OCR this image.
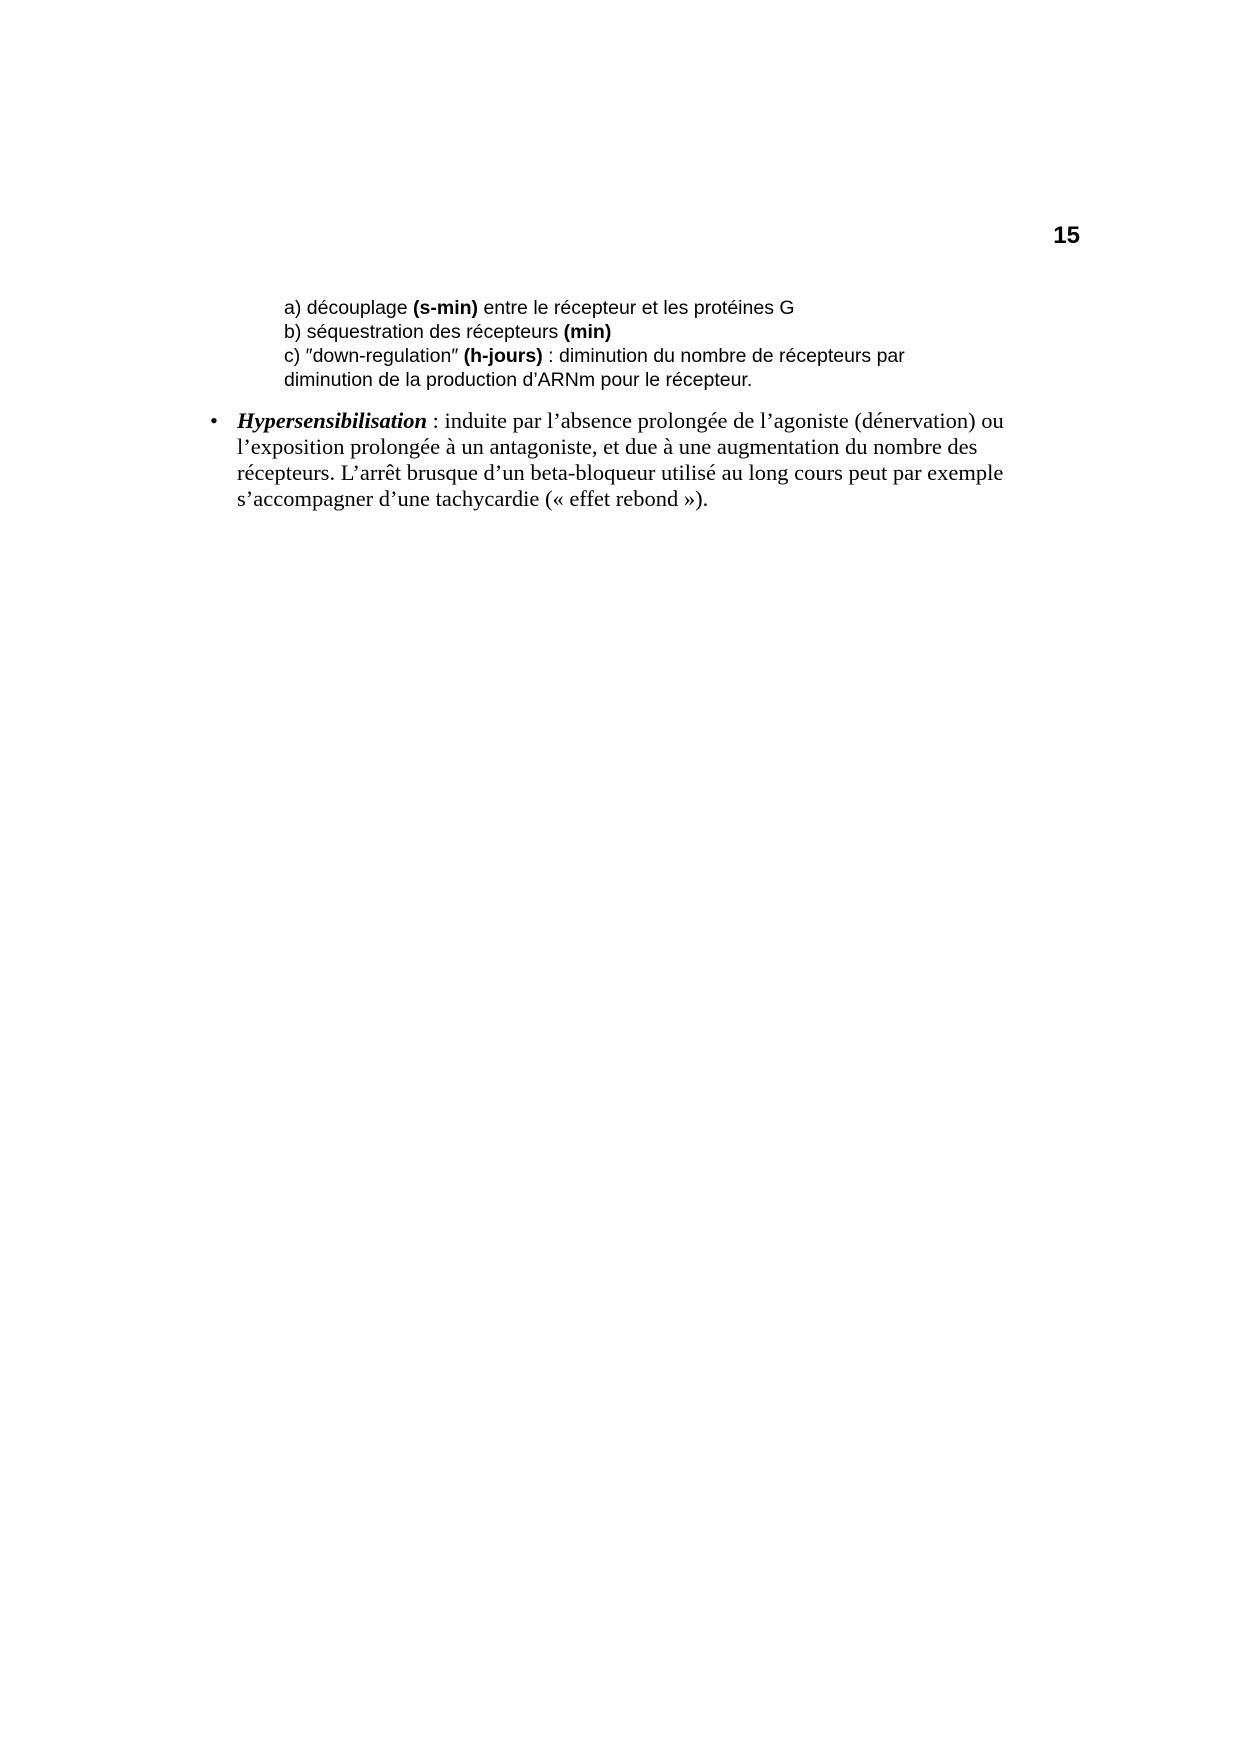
15
a) découplage (s-min) entre le récepteur et les protéines G
b) séquestration des récepteurs (min)
c) ″down-regulation″ (h-jours) : diminution du nombre de récepteurs par
diminution de la production d’ARNm pour le récepteur.
• Hypersensibilisation : induite par l’absence prolongée de l’agoniste (dénervation) ou
l’exposition prolongée à un antagoniste, et due à une augmentation du nombre des
récepteurs. L’arrêt brusque d’un beta-bloqueur utilisé au long cours peut par exemple
s’accompagner d’une tachycardie (« effet rebond »).
